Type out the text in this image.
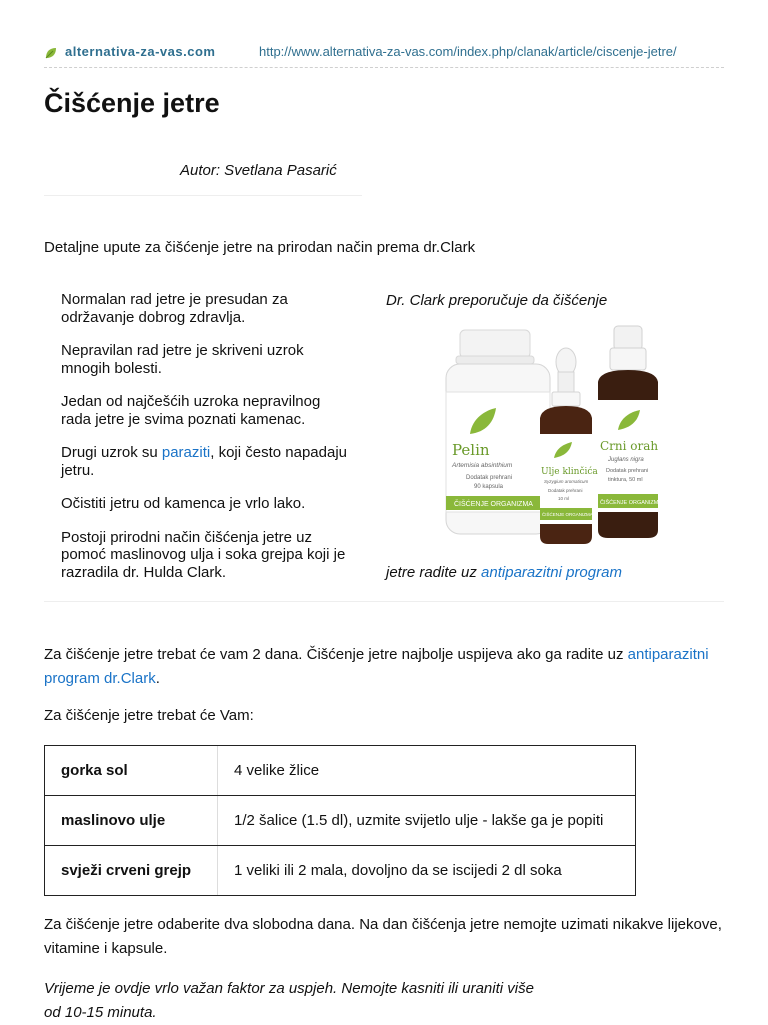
alternativa-za-vas.com	http://www.alternativa-za-vas.com/index.php/clanak/article/ciscenje-jetre/
Čišćenje jetre
Autor: Svetlana Pasarić

Detaljne upute za čišćenje jetre na prirodan način prema dr.Clark

Normalan rad jetre je presudan za održavanje dobrog zdravlja.

Nepravilan rad jetre je skriveni uzrok mnogih bolesti.

Jedan od najčešćih uzroka nepravilnog rada jetre je svima poznati kamenac.

Drugi uzrok su paraziti, koji često napadaju jetru.

Očistiti jetru od kamenca je vrlo lako.

Postoji prirodni način čišćenja jetre uz pomoć maslinovog ulja i soka grejpa koji je razradila dr. Hulda Clark.

Dr. Clark preporučuje da čišćenje
Pelin
Artemisia absinthium
Dodatak prehrani
90 kapsula
ČIŠĆENJE ORGANIZMA
Crni orah
Juglans nigra
Dodatak prehrani
tinktura, 50 ml
ČIŠĆENJE ORGANIZMA
Ulje klinčića
Syzygium aromaticum
Dodatak prehrani
10 ml
ČIŠĆENJE ORGANIZMA
jetre radite uz antiparazitni program

Za čišćenje jetre trebat će vam 2 dana. Čišćenje jetre najbolje uspijeva ako ga radite uz antiparazitni program dr.Clark.

Za čišćenje jetre trebat će Vam:

gorka sol	4 velike žlice
maslinovo ulje	1/2 šalice (1.5 dl), uzmite svijetlo ulje - lakše ga je popiti
svježi crveni grejp	1 veliki ili 2 mala, dovoljno da se iscijedi 2 dl soka

Za čišćenje jetre odaberite dva slobodna dana. Na dan čišćenja jetre nemojte uzimati nikakve lijekove, vitamine i kapsule.

Vrijeme je ovdje vrlo važan faktor za uspjeh. Nemojte kasniti ili uraniti više od 10-15 minuta.
